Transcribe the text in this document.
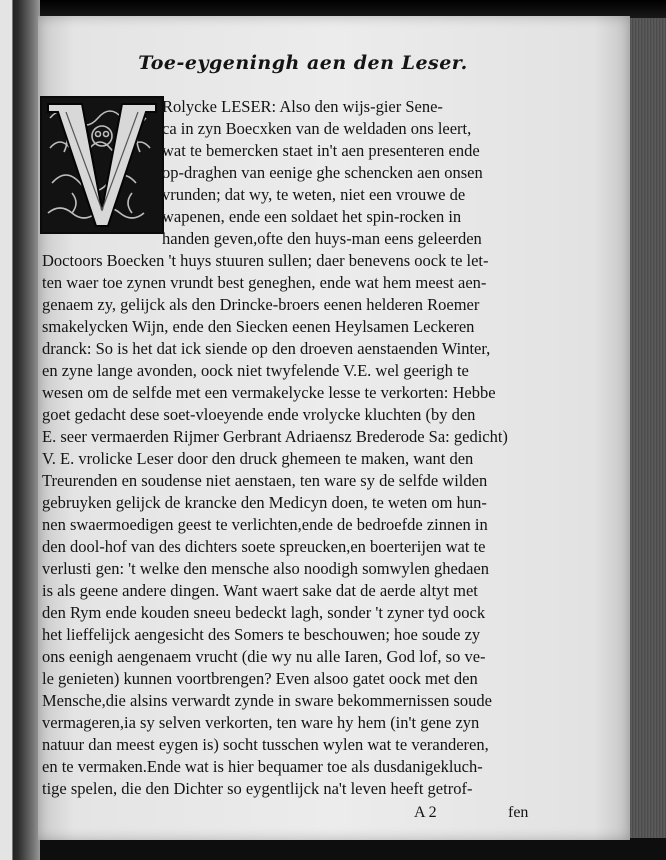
Toe-eygeningh aen den Leser.
Rolycke LESER: Also den wijs-gier Sene-
ca in zyn Boecxken van de weldaden ons leert,
wat te bemercken staet in't aen presenteren ende
op-draghen van eenige ghe schencken aen onsen
vrunden; dat wy, te weten, niet een vrouwe de
wapenen, ende een soldaet het spin-rocken in
handen geven,ofte den huys-man eens geleerden
Doctoors Boecken 't huys stuuren sullen; daer benevens oock te let-
ten waer toe zynen vrundt best geneghen, ende wat hem meest aen-
genaem zy, gelijck als den Drincke-broers eenen helderen Roemer
smakelycken Wijn, ende den Siecken eenen Heylsamen Leckeren
dranck: So is het dat ick siende op den droeven aenstaenden Winter,
en zyne lange avonden, oock niet twyfelende V.E. wel geerigh te
wesen om de selfde met een vermakelycke lesse te verkorten: Hebbe
goet gedacht dese soet-vloeyende ende vrolycke kluchten (by den
E. seer vermaerden Rijmer Gerbrant Adriaensz Brederode Sa: gedicht)
V. E. vrolicke Leser door den druck ghemeen te maken, want den
Treurenden en soudense niet aenstaen, ten ware sy de selfde wilden
gebruyken gelijck de krancke den Medicyn doen, te weten om hun-
nen swaermoedigen geest te verlichten,ende de bedroefde zinnen in
den dool-hof van des dichters soete spreucken,en boerterijen wat te
verlusti gen: 't welke den mensche also noodigh somwylen ghedaen
is als geene andere dingen. Want waert sake dat de aerde altyt met
den Rym ende kouden sneeu bedeckt lagh, sonder 't zyner tyd oock
het lieffelijck aengesicht des Somers te beschouwen; hoe soude zy
ons eenigh aengenaem vrucht (die wy nu alle Iaren, God lof, so ve-
le genieten) kunnen voortbrengen? Even alsoo gatet oock met den
Mensche,die alsins verwardt zynde in sware bekommernissen soude
vermageren,ia sy selven verkorten, ten ware hy hem (in't gene zyn
natuur dan meest eygen is) socht tusschen wylen wat te veranderen,
en te vermaken.Ende wat is hier bequamer toe als dusdanigekluch-
tige spelen, die den Dichter so eygentlijck na't leven heeft getrof-
A 2	fen
